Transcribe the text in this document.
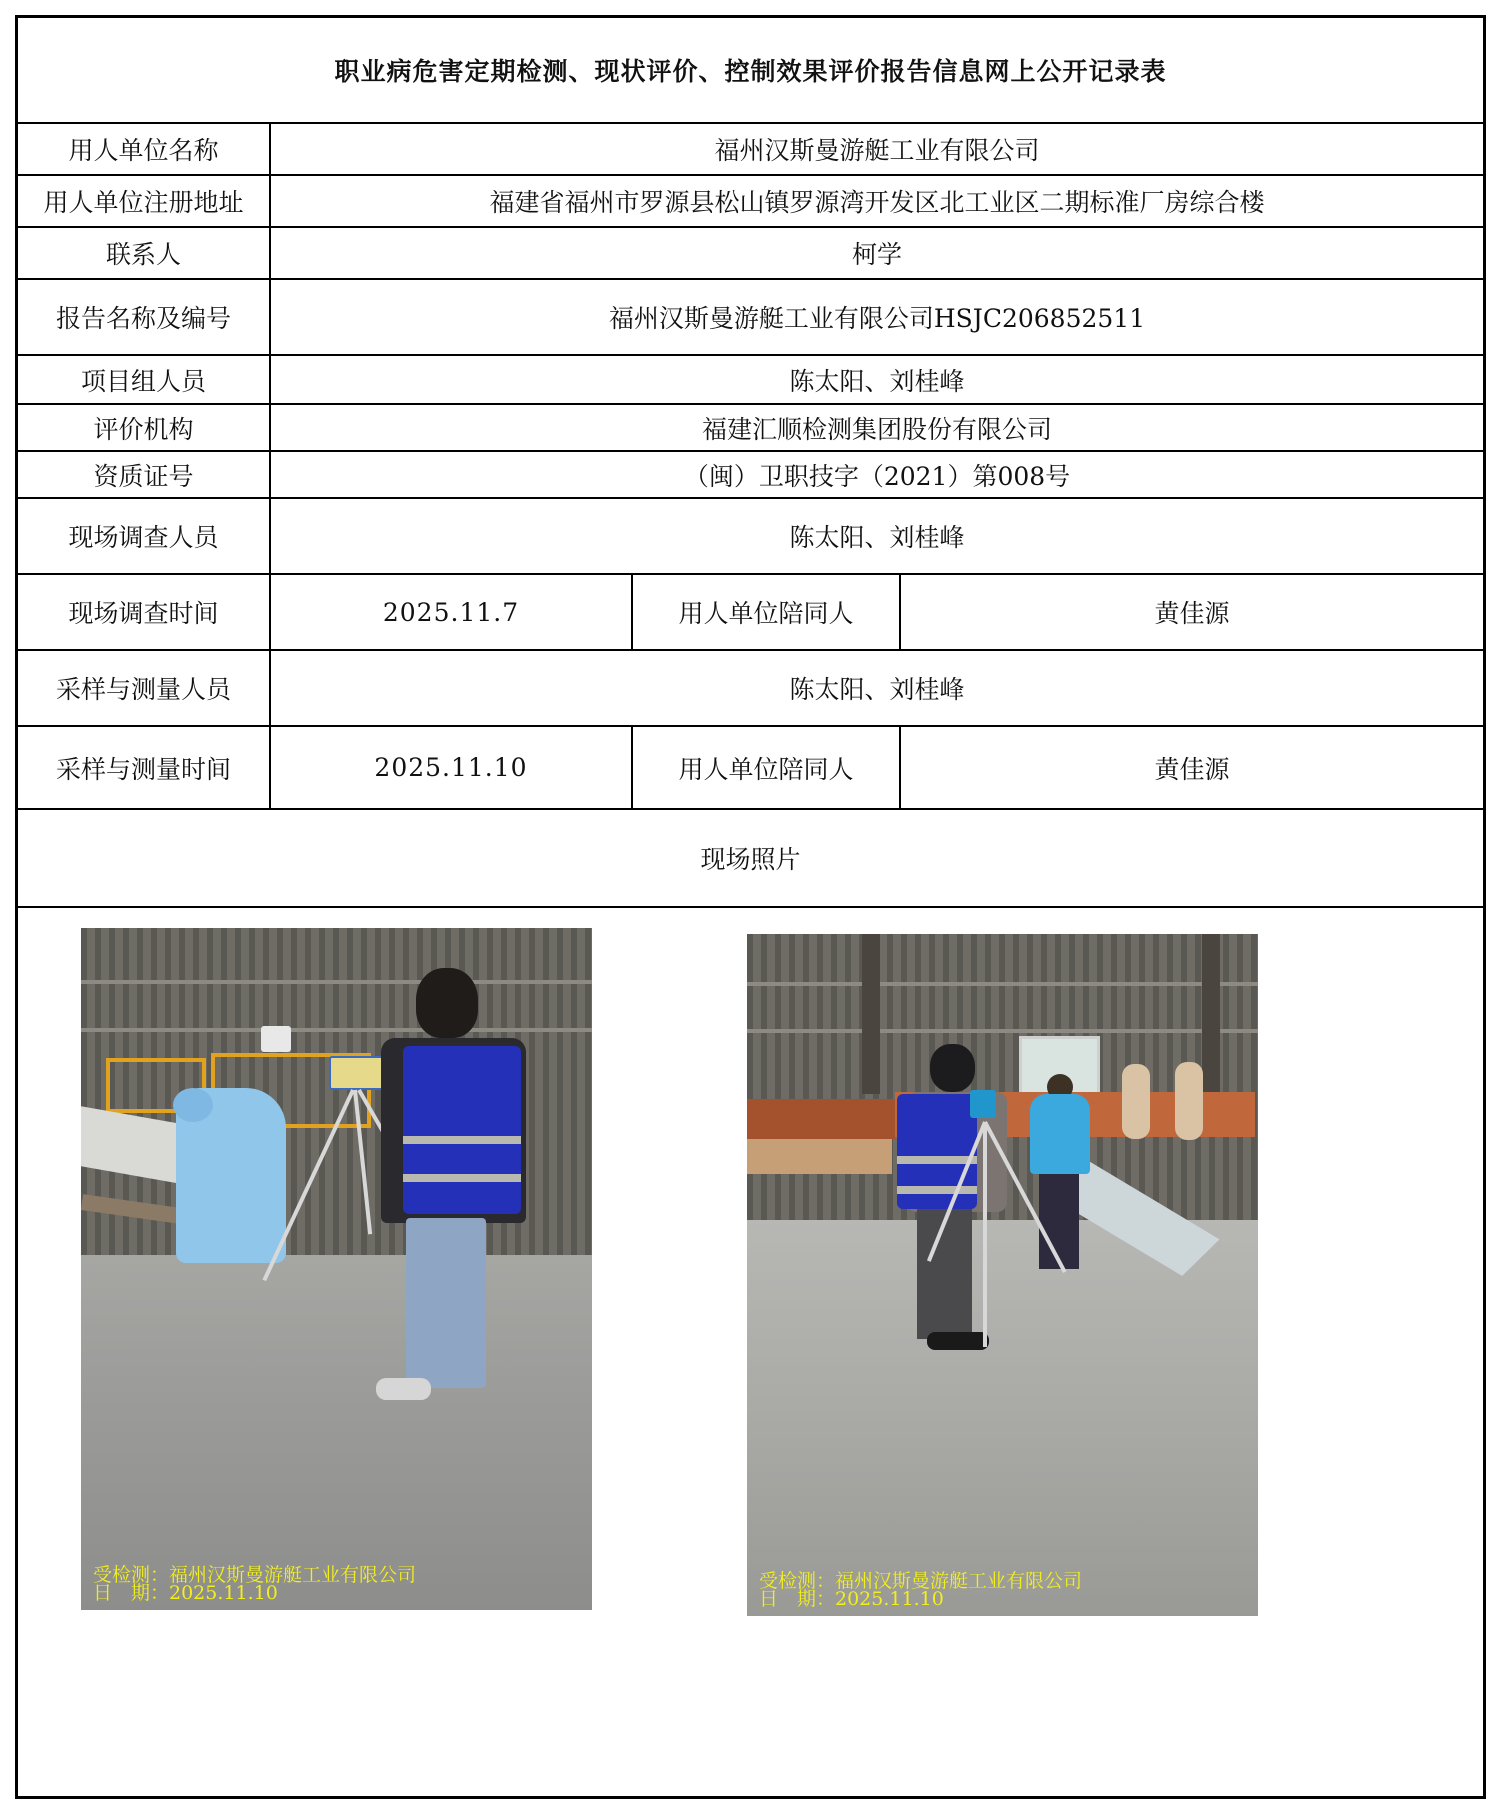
职业病危害定期检测、现状评价、控制效果评价报告信息网上公开记录表			
用人单位名称	福州汉斯曼游艇工业有限公司		
用人单位注册地址	福建省福州市罗源县松山镇罗源湾开发区北工业区二期标准厂房综合楼		
联系人	柯学		
报告名称及编号	福州汉斯曼游艇工业有限公司HSJC206852511		
项目组人员	陈太阳、刘桂峰		
评价机构	福建汇顺检测集团股份有限公司		
资质证号	（闽）卫职技字（2021）第008号		
现场调查人员	陈太阳、刘桂峰		
现场调查时间	2025.11.7	用人单位陪同人	黄佳源
采样与测量人员	陈太阳、刘桂峰		
采样与测量时间	2025.11.10	用人单位陪同人	黄佳源
现场照片			
受检测：福州汉斯曼游艇工业有限公司
日　期：2025.11.10
受检测：福州汉斯曼游艇工业有限公司
日　期：2025.11.10
